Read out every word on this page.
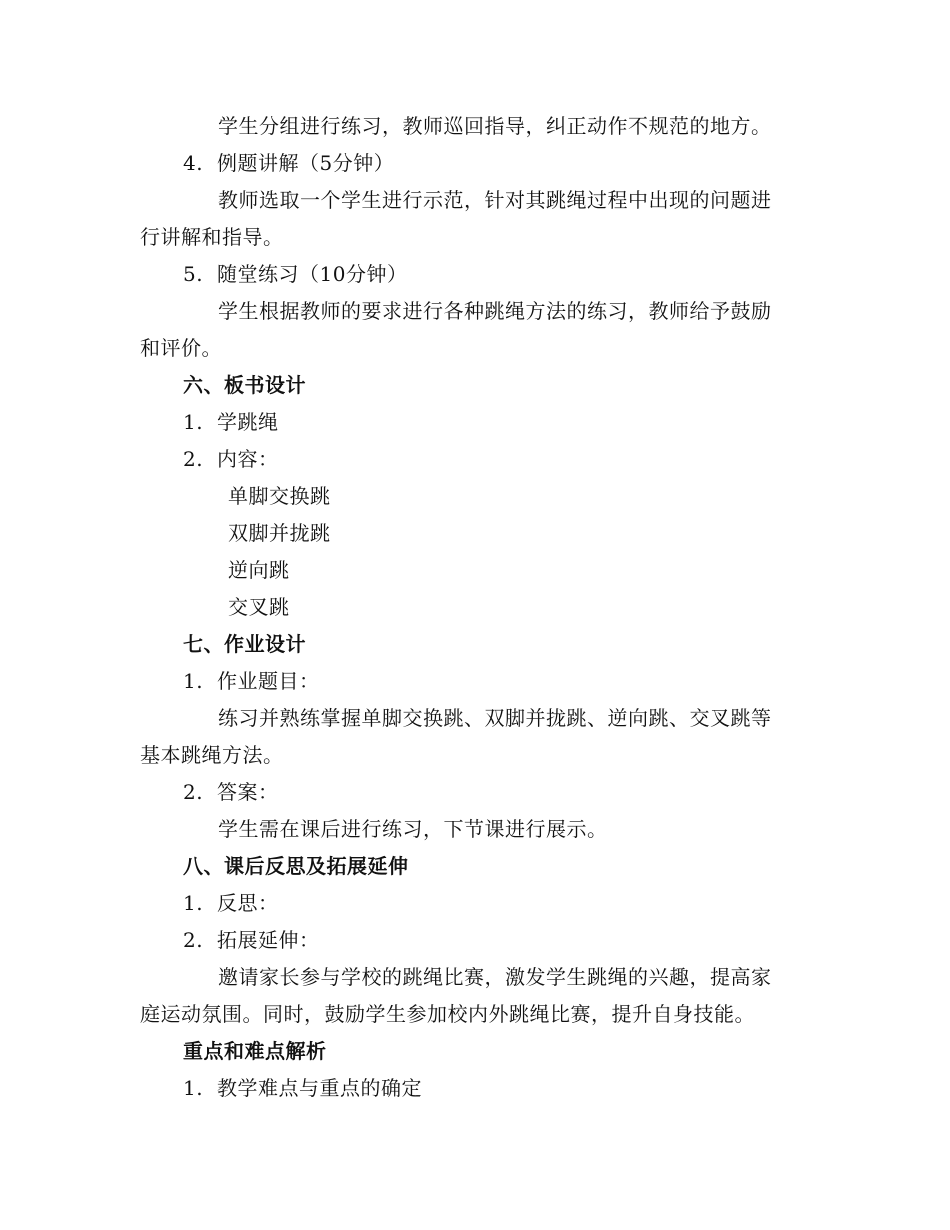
学生分组进行练习，教师巡回指导，纠正动作不规范的地方。
4. 例题讲解（5分钟）
教师选取一个学生进行示范，针对其跳绳过程中出现的问题进
行讲解和指导。
5. 随堂练习（10分钟）
学生根据教师的要求进行各种跳绳方法的练习，教师给予鼓励
和评价。
六、板书设计
1. 学跳绳
2. 内容：
单脚交换跳
双脚并拢跳
逆向跳
交叉跳
七、作业设计
1. 作业题目：
练习并熟练掌握单脚交换跳、双脚并拢跳、逆向跳、交叉跳等
基本跳绳方法。
2. 答案：
学生需在课后进行练习，下节课进行展示。
八、课后反思及拓展延伸
1. 反思：
2. 拓展延伸：
邀请家长参与学校的跳绳比赛，激发学生跳绳的兴趣，提高家
庭运动氛围。同时，鼓励学生参加校内外跳绳比赛，提升自身技能。
重点和难点解析
1. 教学难点与重点的确定
